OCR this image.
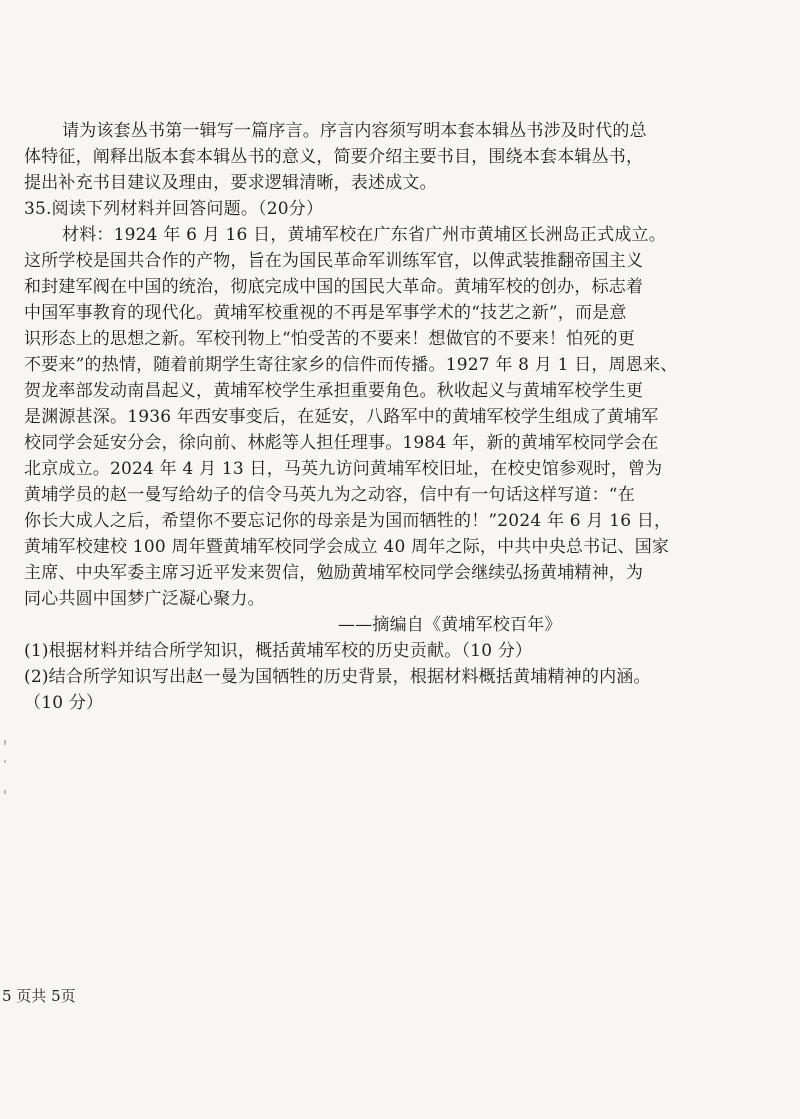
请为该套丛书第一辑写一篇序言。序言内容须写明本套本辑丛书涉及时代的总
体特征，阐释出版本套本辑丛书的意义，简要介绍主要书目，围绕本套本辑丛书，
提出补充书目建议及理由，要求逻辑清晰，表述成文。
35.阅读下列材料并回答问题。（20分）
材料：1924 年 6 月 16 日，黄埔军校在广东省广州市黄埔区长洲岛正式成立。
这所学校是国共合作的产物，旨在为国民革命军训练军官，以俾武装推翻帝国主义
和封建军阀在中国的统治，彻底完成中国的国民大革命。黄埔军校的创办，标志着
中国军事教育的现代化。黄埔军校重视的不再是军事学术的“技艺之新”，而是意
识形态上的思想之新。军校刊物上“怕受苦的不要来！想做官的不要来！怕死的更
不要来”的热情，随着前期学生寄往家乡的信件而传播。1927 年 8 月 1 日，周恩来、
贺龙率部发动南昌起义，黄埔军校学生承担重要角色。秋收起义与黄埔军校学生更
是渊源甚深。1936 年西安事变后，在延安，八路军中的黄埔军校学生组成了黄埔军
校同学会延安分会，徐向前、林彪等人担任理事。1984 年，新的黄埔军校同学会在
北京成立。2024 年 4 月 13 日，马英九访问黄埔军校旧址，在校史馆参观时，曾为
黄埔学员的赵一曼写给幼子的信令马英九为之动容，信中有一句话这样写道：“在
你长大成人之后，希望你不要忘记你的母亲是为国而牺牲的！”2024 年 6 月 16 日，
黄埔军校建校 100 周年暨黄埔军校同学会成立 40 周年之际，中共中央总书记、国家
主席、中央军委主席习近平发来贺信，勉励黄埔军校同学会继续弘扬黄埔精神，为
同心共圆中国梦广泛凝心聚力。
——摘编自《黄埔军校百年》
(1)根据材料并结合所学知识，概括黄埔军校的历史贡献。（10 分）
(2)结合所学知识写出赵一曼为国牺牲的历史背景，根据材料概括黄埔精神的内涵。
（10 分）
5 页共 5页
